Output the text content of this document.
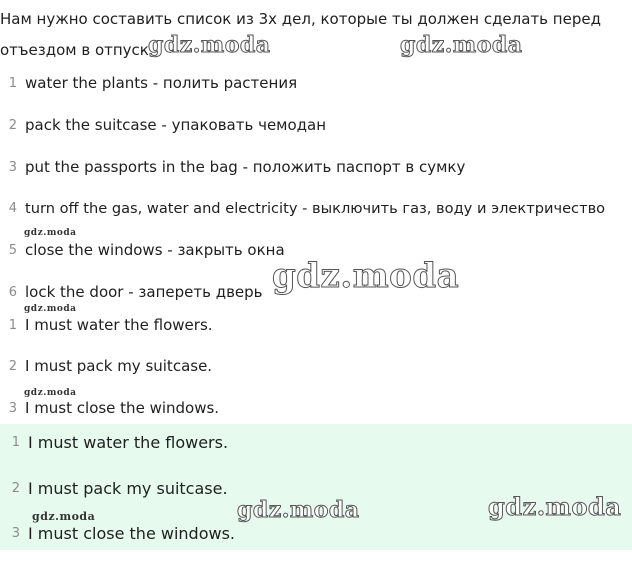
Нам нужно составить список из 3х дел, которые ты должен сделать перед отъездом в отпуск
1 water the plants - полить растения
2 pack the suitcase - упаковать чемодан
3 put the passports in the bag - положить паспорт в сумку
4 turn off the gas, water and electricity - выключить газ, воду и электричество
5 close the windows - закрыть окна
6 lock the door - запереть дверь
1 I must water the flowers.
2 I must pack my suitcase.
3 I must close the windows.
1 I must water the flowers.
2 I must pack my suitcase.
3 I must close the windows.
gdz.moda	gdz.moda
gdz.moda
gdz.moda
gdz.moda
gdz.moda
gdz.moda	gdz.moda	gdz.moda
